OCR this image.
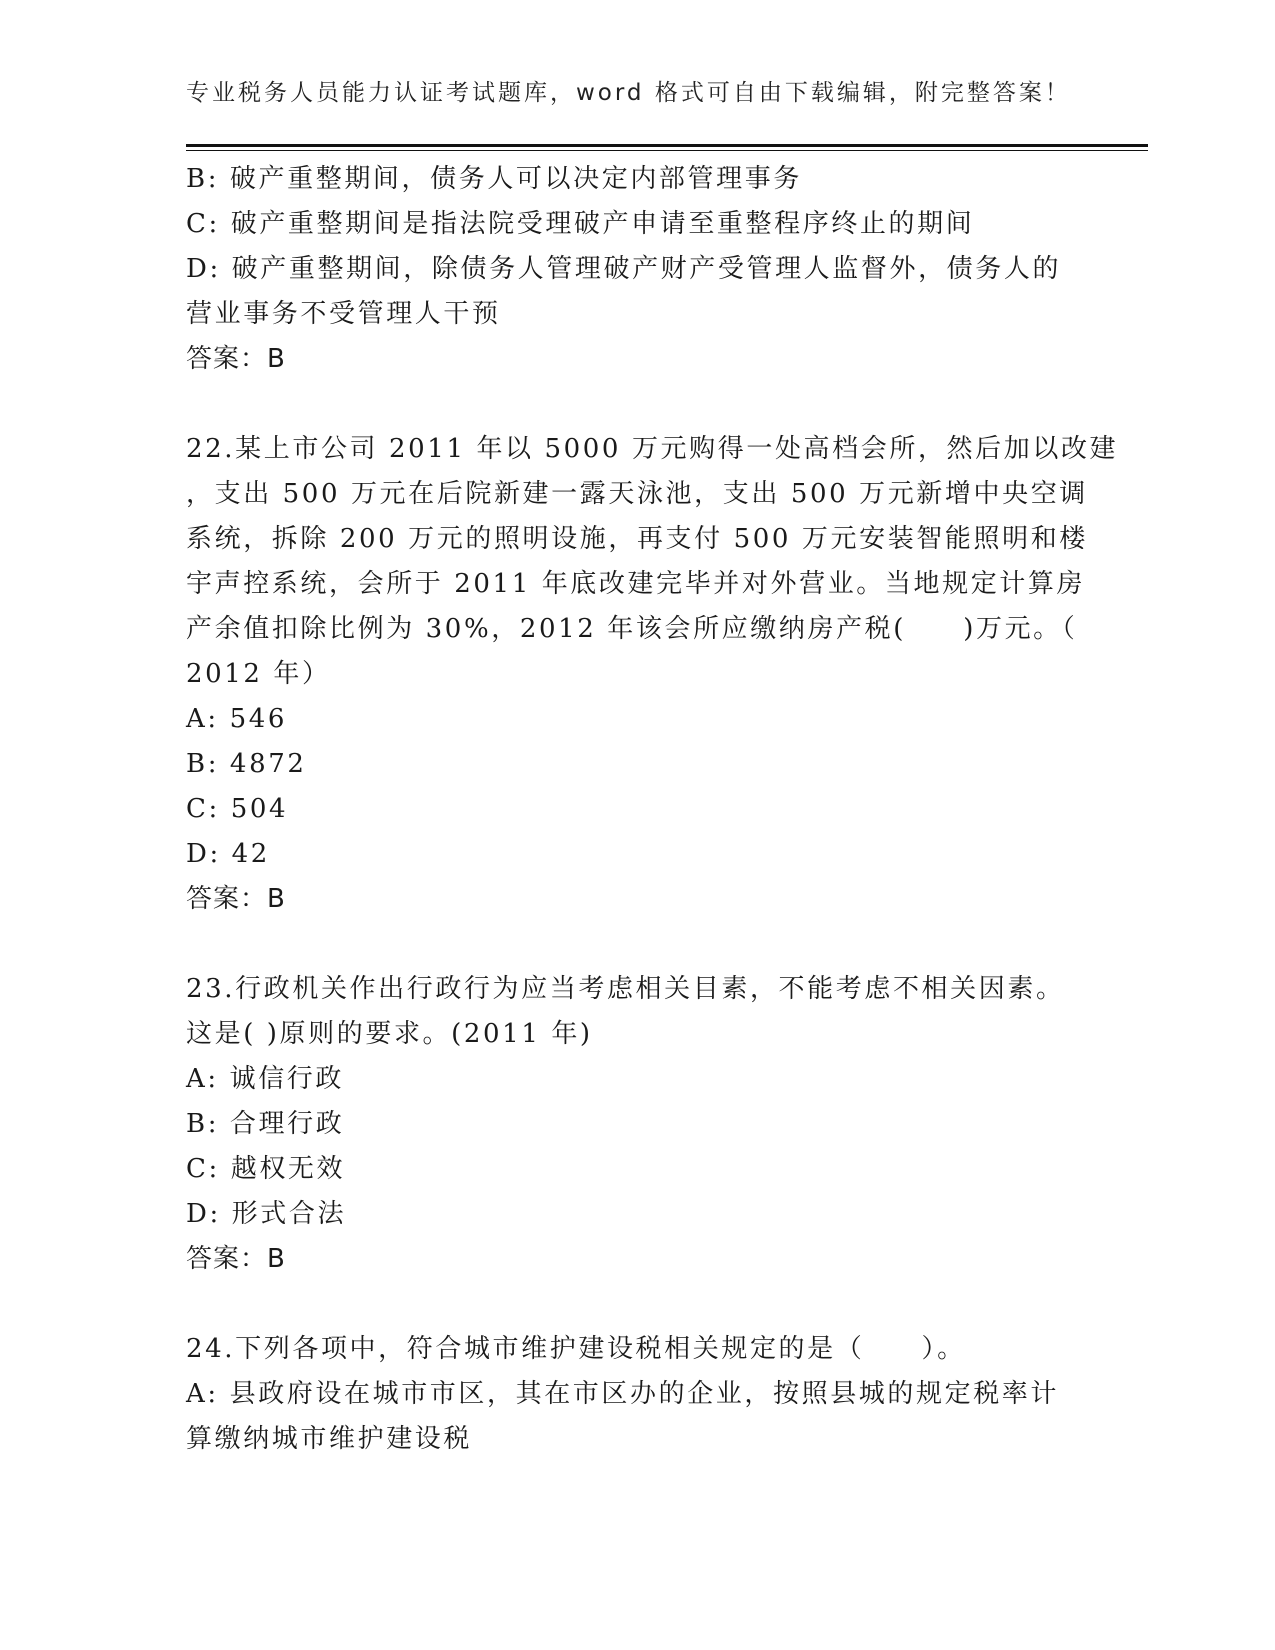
专业税务人员能力认证考试题库，word 格式可自由下载编辑，附完整答案！
B: 破产重整期间，债务人可以决定内部管理事务
C: 破产重整期间是指法院受理破产申请至重整程序终止的期间
D: 破产重整期间，除债务人管理破产财产受管理人监督外，债务人的
营业事务不受管理人干预
答案：B
22.某上市公司 2011 年以 5000 万元购得一处高档会所，然后加以改建
，支出 500 万元在后院新建一露天泳池，支出 500 万元新增中央空调
系统，拆除 200 万元的照明设施，再支付 500 万元安装智能照明和楼
宇声控系统，会所于 2011 年底改建完毕并对外营业。当地规定计算房
产余值扣除比例为 30%，2012 年该会所应缴纳房产税(　　)万元。（
2012 年）
A: 546
B: 4872
C: 504
D: 42
答案：B
23.行政机关作出行政行为应当考虑相关目素，不能考虑不相关因素。
这是( )原则的要求。(2011 年)
A: 诚信行政
B: 合理行政
C: 越权无效
D: 形式合法
答案：B
24.下列各项中，符合城市维护建设税相关规定的是（　　）。
A: 县政府设在城市市区，其在市区办的企业，按照县城的规定税率计
算缴纳城市维护建设税
